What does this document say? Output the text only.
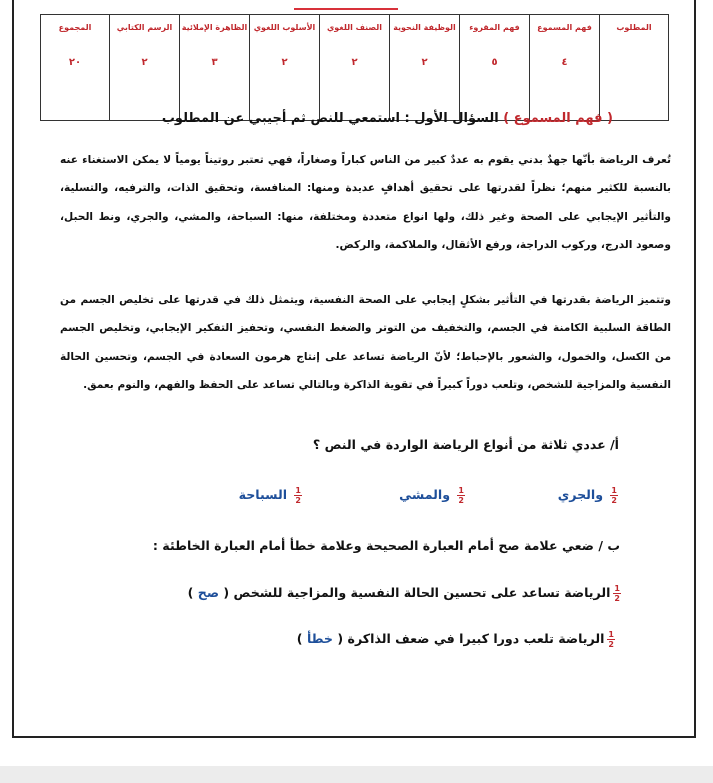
المطلوب	فهم المسموع	فهم المقروء	الوظيفة النحوية	الصنف اللغوي	الأسلوب اللغوي	الظاهرة الإملائية	الرسم الكتابي	المجموع
	٤	٥	٢	٢	٢	٣	٢	٢٠
( فهم المسموع ) السؤال الأول : استمعي للنص ثم أجيبي عن المطلوب

تُعرف الرياضة بأنّها جهدٌ بدني يقوم به عددٌ كبير من الناس كباراً وصغاراً، فهي تعتبر روتيناً يومياً لا يمكن الاستغناء عنه بالنسبة للكثير منهم؛ نظراً لقدرتها على تحقيق أهدافٍ عديدة ومنها: المنافسة، وتحقيق الذات، والترفيه، والتسلية، والتأثير الإيجابي على الصحة وغير ذلك، ولها انواع متعددة ومختلفة، منها: السباحة، والمشي، والجري، ونط الحبل، وصعود الدرج، وركوب الدراجة، ورفع الأثقال، والملاكمة، والركض.

وتتميز الرياضة بقدرتها في التأثير بشكلٍ إيجابي على الصحة النفسية، ويتمثل ذلك في قدرتها على تخليص الجسم من الطاقة السلبية الكامنة في الجسم، والتخفيف من التوتر والضغط النفسي، وتحفيز التفكير الإيجابي، وتخليص الجسم من الكسل، والخمول، والشعور بالإحباط؛ لأنّ الرياضة تساعد على إنتاج هرمون السعادة في الجسم، وتحسين الحالة النفسية والمزاجية للشخص، وتلعب دوراً كبيراً في تقوية الذاكرة وبالتالي تساعد على الحفظ والفهم، والنوم بعمق.

أ/ عددي ثلاثة من أنواع الرياضة الواردة في النص ؟
$\frac{1}{2}$
والجري
$\frac{1}{2}$
والمشي
$\frac{1}{2}$
السباحة
ب / ضعي علامة صح أمام العبارة الصحيحة وعلامة خطأ أمام العبارة الخاطئة :
$\frac{1}{2}$
الرياضة تساعد على تحسين الحالة النفسية والمزاجية للشخص ( صح )
$\frac{1}{2}$
الرياضة تلعب دورا كبيرا في ضعف الذاكرة ( خطأ )
